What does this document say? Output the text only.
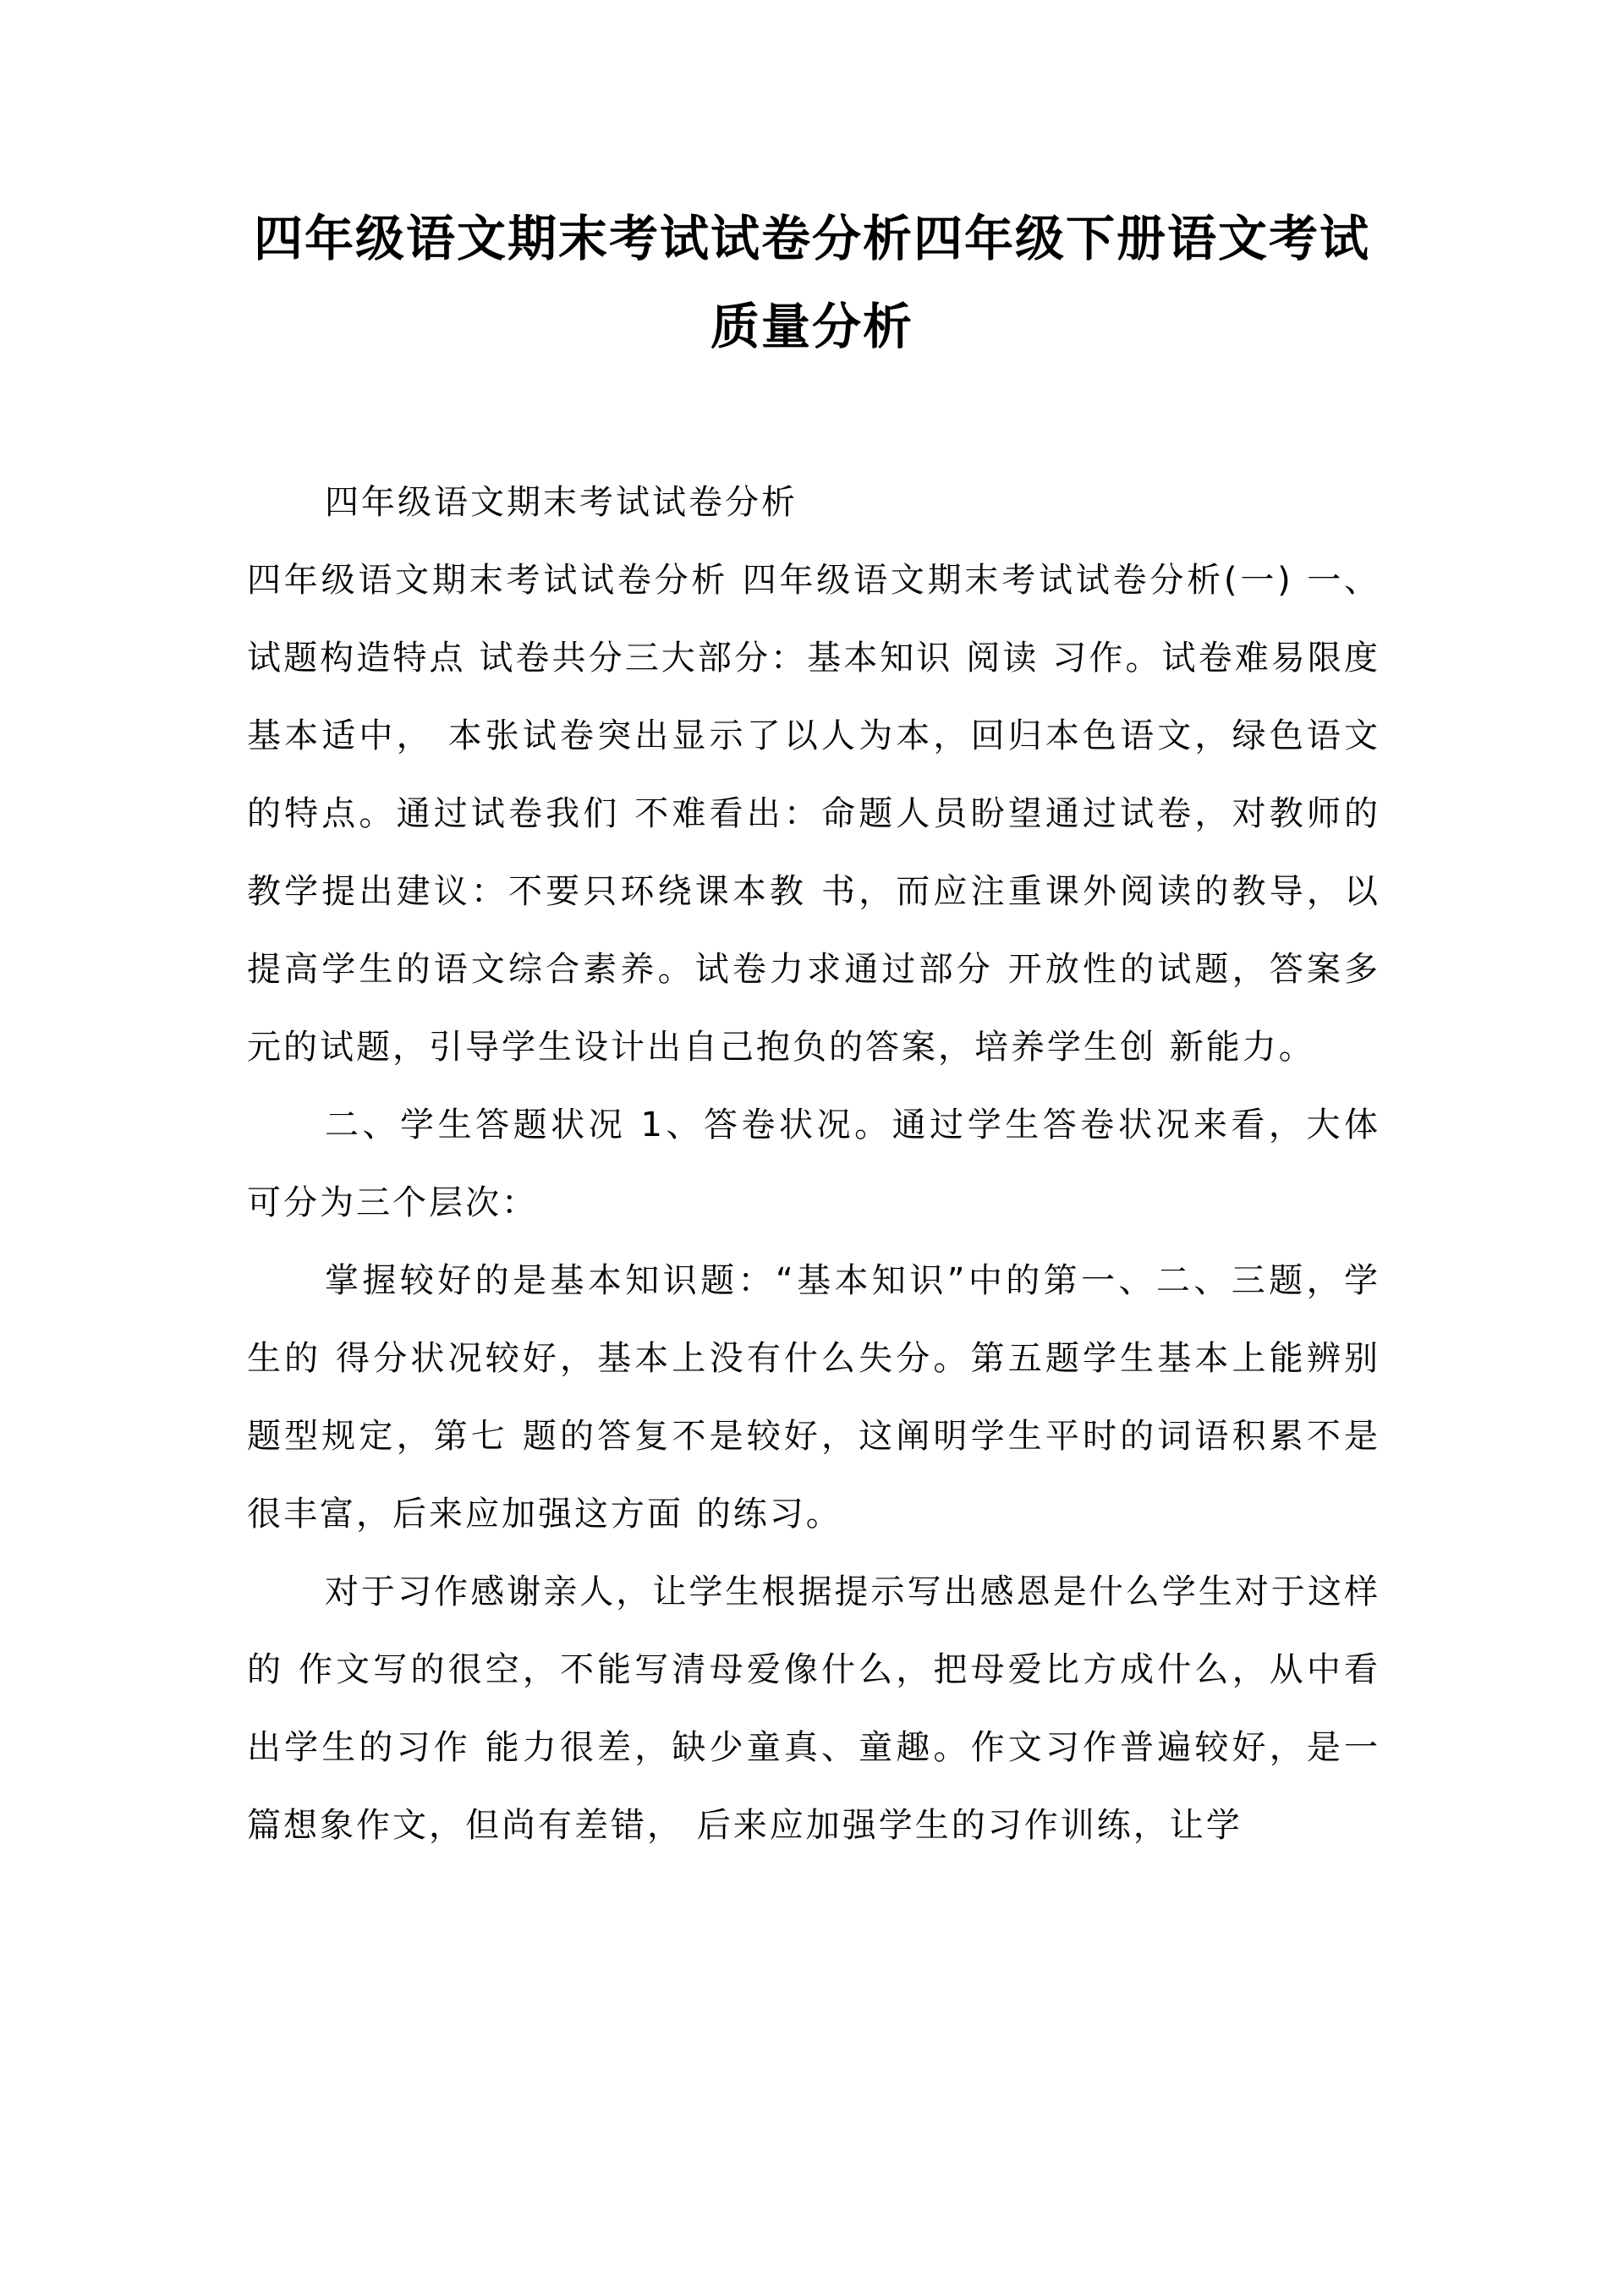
四年级语文期末考试试卷分析四年级下册语文考试
质量分析

四年级语文期末考试试卷分析

四年级语文期末考试试卷分析 四年级语文期末考试试卷分析(一) 一、试题构造特点 试卷共分三大部分：基本知识 阅读 习作。试卷难易限度基本适中， 本张试卷突出显示了以人为本，回归本色语文，绿色语文的特点。通过试卷我们 不难看出：命题人员盼望通过试卷，对教师的教学提出建议：不要只环绕课本教 书，而应注重课外阅读的教导，以提高学生的语文综合素养。试卷力求通过部分 开放性的试题，答案多元的试题，引导学生设计出自己抱负的答案，培养学生创 新能力。

二、学生答题状况 1、答卷状况。通过学生答卷状况来看，大体可分为三个层次：

掌握较好的是基本知识题：“基本知识”中的第一、二、三题，学生的 得分状况较好，基本上没有什么失分。第五题学生基本上能辨别题型规定，第七 题的答复不是较好，这阐明学生平时的词语积累不是很丰富，后来应加强这方面 的练习。

对于习作感谢亲人，让学生根据提示写出感恩是什么学生对于这样的 作文写的很空，不能写清母爱像什么，把母爱比方成什么，从中看出学生的习作 能力很差，缺少童真、童趣。作文习作普遍较好，是一篇想象作文，但尚有差错， 后来应加强学生的习作训练，让学
